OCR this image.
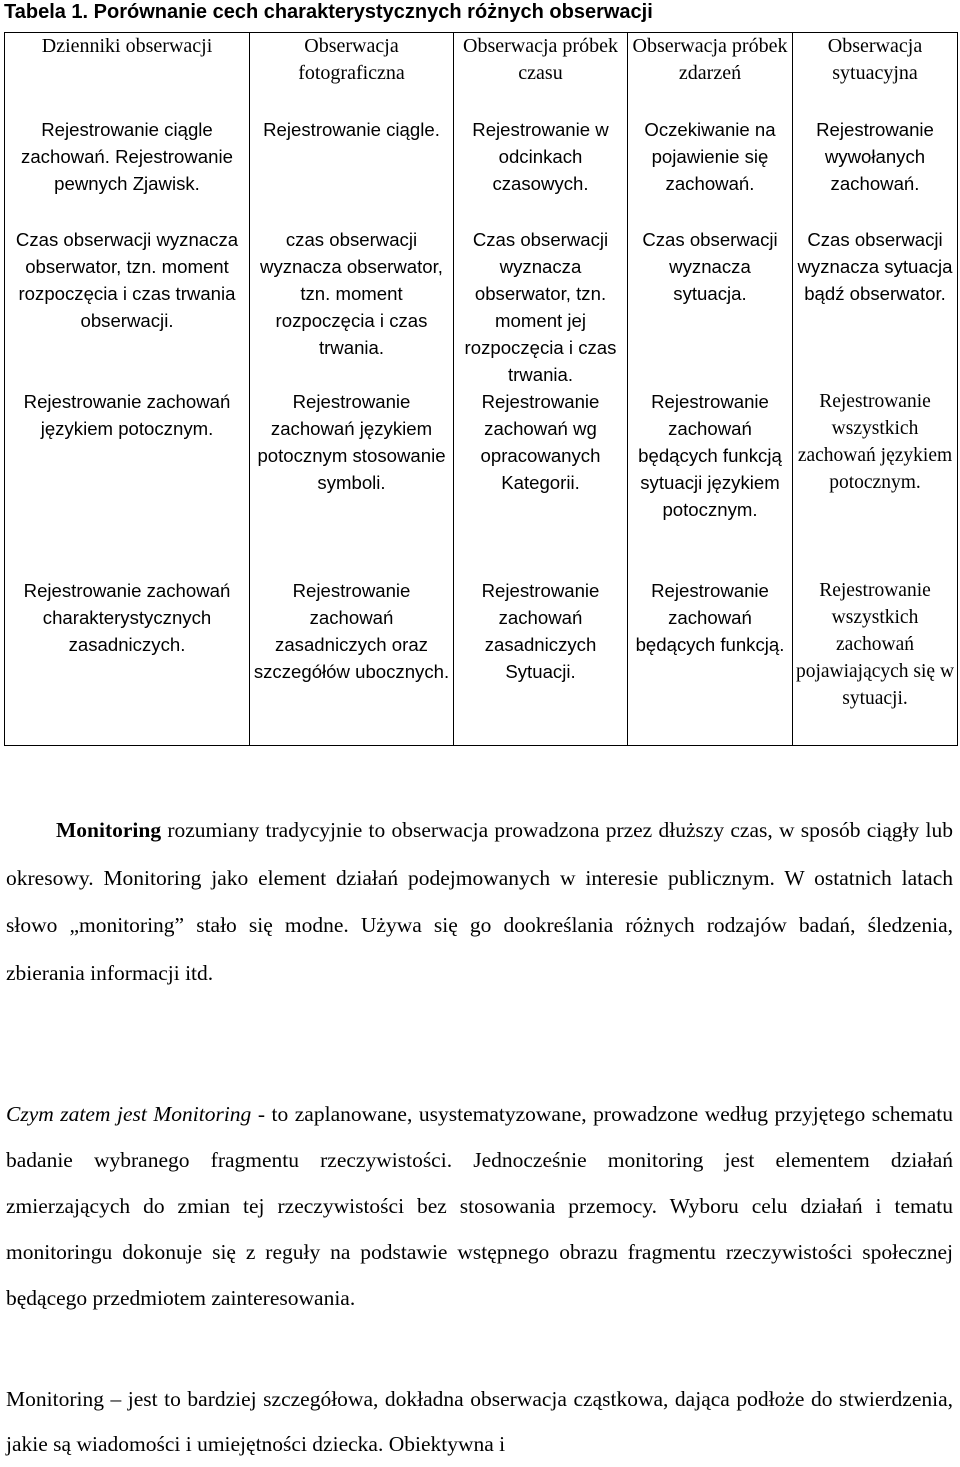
Tabela 1. Porównanie cech charakterystycznych różnych obserwacji
Dzienniki obserwacji	Obserwacja fotograficzna	Obserwacja próbek czasu	Obserwacja próbek zdarzeń	Obserwacja sytuacyjna
Rejestrowanie ciągle zachowań. Rejestrowanie pewnych Zjawisk.	Rejestrowanie ciągle.	Rejestrowanie w odcinkach czasowych.	Oczekiwanie na pojawienie się zachowań.	Rejestrowanie wywołanych zachowań.
Czas obserwacji wyznacza obserwator, tzn. moment rozpoczęcia i czas trwania obserwacji.	czas obserwacji wyznacza obserwator, tzn. moment rozpoczęcia i czas trwania.	Czas obserwacji wyznacza obserwator, tzn. moment jej rozpoczęcia i czas trwania.	Czas obserwacji wyznacza sytuacja.	Czas obserwacji wyznacza sytuacja bądź obserwator.
Rejestrowanie zachowań językiem potocznym.	Rejestrowanie zachowań językiem potocznym stosowanie symboli.	Rejestrowanie zachowań wg opracowanych Kategorii.	Rejestrowanie zachowań będących funkcją sytuacji językiem potocznym.	Rejestrowanie wszystkich zachowań językiem potocznym.
Rejestrowanie zachowań charakterystycznych zasadniczych.	Rejestrowanie zachowań zasadniczych oraz szczegółów ubocznych.	Rejestrowanie zachowań zasadniczych Sytuacji.	Rejestrowanie zachowań będących funkcją.	Rejestrowanie wszystkich zachowań pojawiających się w sytuacji.

Monitoring rozumiany tradycyjnie to obserwacja prowadzona przez dłuższy czas, w sposób ciągły lub okresowy. Monitoring jako element działań podejmowanych w interesie publicznym. W ostatnich latach słowo „monitoring” stało się modne. Używa się go dookreślania różnych rodzajów badań, śledzenia, zbierania informacji itd.

Czym zatem jest Monitoring - to zaplanowane, usystematyzowane, prowadzone według przyjętego schematu badanie wybranego fragmentu rzeczywistości. Jednocześnie monitoring jest elementem działań zmierzających do zmian tej rzeczywistości bez stosowania przemocy. Wyboru celu działań i tematu monitoringu dokonuje się z reguły na podstawie wstępnego obrazu fragmentu rzeczywistości społecznej będącego przedmiotem zainteresowania.

Monitoring – jest to bardziej szczegółowa, dokładna obserwacja cząstkowa, dająca podłoże do stwierdzenia, jakie są wiadomości i umiejętności dziecka. Obiektywna i
